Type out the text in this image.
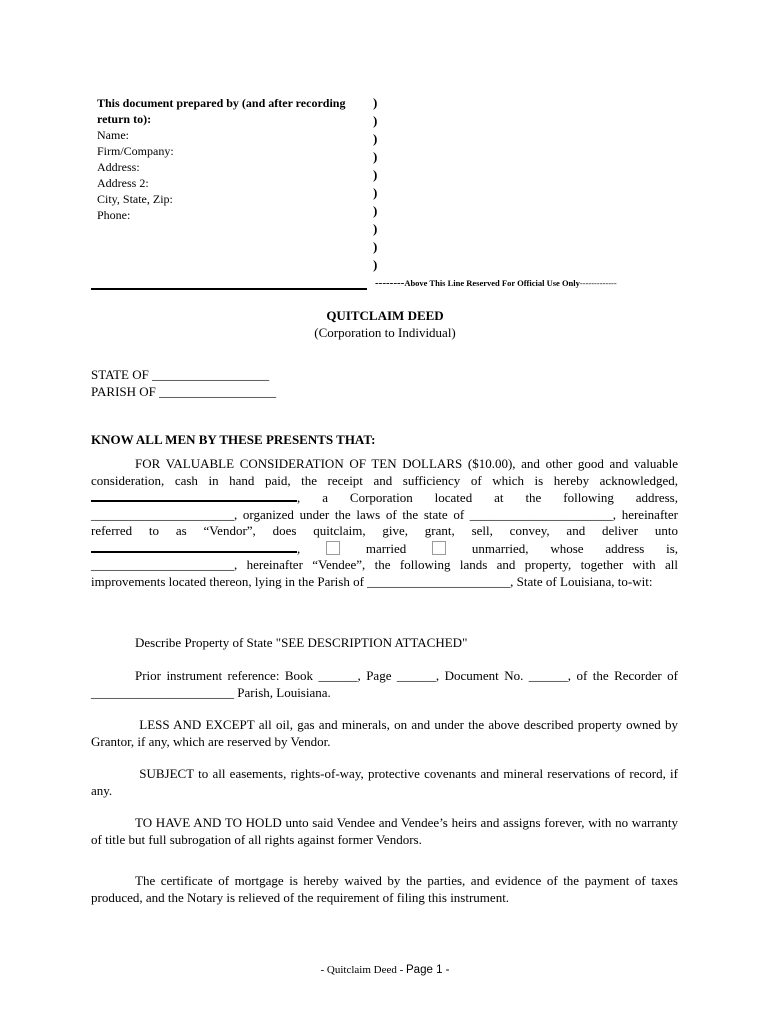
This document prepared by (and after recording return to):
Name:
Firm/Company:
Address:
Address 2:
City, State, Zip:
Phone:
)
)
)
)
)
)
)
)
)
)
--------Above This Line Reserved For Official Use Only-------------
QUITCLAIM DEED
(Corporation to Individual)
STATE OF __________________
PARISH OF __________________
KNOW ALL MEN BY THESE PRESENTS THAT:
FOR VALUABLE CONSIDERATION OF TEN DOLLARS ($10.00), and other good and valuable consideration, cash in hand paid, the receipt and sufficiency of which is hereby acknowledged, , a Corporation located at the following address, ______________________, organized under the laws of the state of ______________________, hereinafter referred to as “Vendor”, does quitclaim, give, grant, sell, convey, and deliver unto ,	married	unmarried, whose address is, ______________________, hereinafter “Vendee”, the following lands and property, together with all improvements located thereon, lying in the Parish of ______________________, State of Louisiana, to-wit:
Describe Property of State "SEE DESCRIPTION ATTACHED"
Prior instrument reference: Book ______, Page ______, Document No. ______, of the Recorder of ______________________ Parish, Louisiana.
LESS AND EXCEPT all oil, gas and minerals, on and under the above described property owned by Grantor, if any, which are reserved by Vendor.
SUBJECT to all easements, rights-of-way, protective covenants and mineral reservations of record, if any.
TO HAVE AND TO HOLD unto said Vendee and Vendee’s heirs and assigns forever, with no warranty of title but full subrogation of all rights against former Vendors.
The certificate of mortgage is hereby waived by the parties, and evidence of the payment of taxes produced, and the Notary is relieved of the requirement of filing this instrument.
- Quitclaim Deed - Page 1 -
